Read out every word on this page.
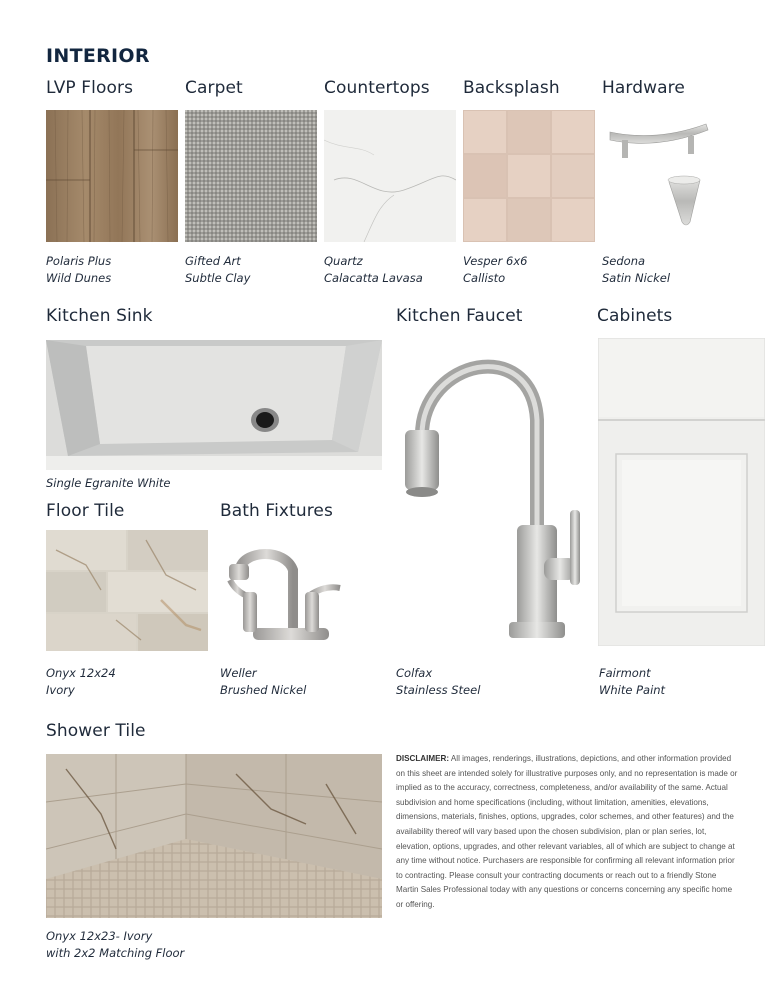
INTERIOR
LVP Floors	Carpet	Countertops Backsplash Hardware
Polaris Plus
Wild Dunes
Gifted Art
Subtle Clay
Quartz
Calacatta Lavasa
Vesper 6x6
Callisto
Sedona
Satin Nickel
Kitchen Sink	Kitchen Faucet	Cabinets
Single Egranite White
Colfax
Stainless Steel
Fairmont
White Paint
Floor Tile	Bath Fixtures
Onyx 12x24
Ivory
Weller
Brushed Nickel
Shower Tile
Onyx 12x23- Ivory
with 2x2 Matching Floor
DISCLAIMER: All images, renderings, illustrations, depictions, and other information provided on this sheet are intended solely for illustrative purposes only, and no representation is made or implied as to the accuracy, correctness, completeness, and/or availability of the same. Actual subdivision and home specifications (including, without limitation, amenities, elevations, dimensions, materials, finishes, options, upgrades, color schemes, and other features) and the availability thereof will vary based upon the chosen subdivision, plan or plan series, lot, elevation, options, upgrades, and other relevant variables, all of which are subject to change at any time without notice. Purchasers are responsible for confirming all relevant information prior to contracting. Please consult your contracting documents or reach out to a friendly Stone Martin Sales Professional today with any questions or concerns concerning any specific home or offering.
